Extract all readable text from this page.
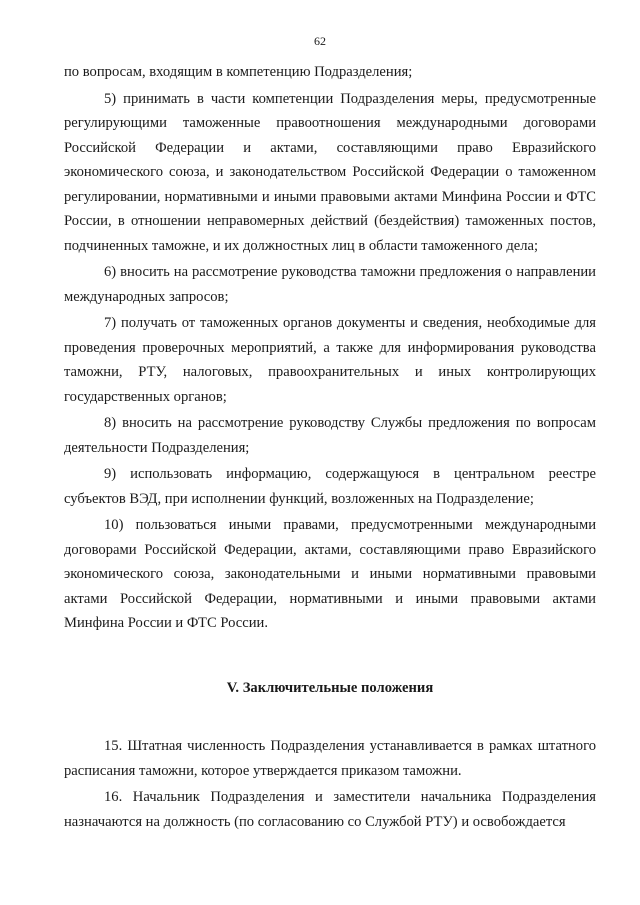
62

по вопросам, входящим в компетенцию Подразделения;

5) принимать в части компетенции Подразделения меры, предусмотренные регулирующими таможенные правоотношения международными договорами Российской Федерации и актами, составляющими право Евразийского экономического союза, и законодательством Российской Федерации о таможенном регулировании, нормативными и иными правовыми актами Минфина России и ФТС России, в отношении неправомерных действий (бездействия) таможенных постов, подчиненных таможне, и их должностных лиц в области таможенного дела;

6) вносить на рассмотрение руководства таможни предложения о направлении международных запросов;

7) получать от таможенных органов документы и сведения, необходимые для проведения проверочных мероприятий, а также для информирования руководства таможни, РТУ, налоговых, правоохранительных и иных контролирующих государственных органов;

8) вносить на рассмотрение руководству Службы предложения по вопросам деятельности Подразделения;

9) использовать информацию, содержащуюся в центральном реестре субъектов ВЭД, при исполнении функций, возложенных на Подразделение;

10) пользоваться иными правами, предусмотренными международными договорами Российской Федерации, актами, составляющими право Евразийского экономического союза, законодательными и иными нормативными правовыми актами Российской Федерации, нормативными и иными правовыми актами Минфина России и ФТС России.

V. Заключительные положения

15. Штатная численность Подразделения устанавливается в рамках штатного расписания таможни, которое утверждается приказом таможни.

16. Начальник Подразделения и заместители начальника Подразделения назначаются на должность (по согласованию со Службой РТУ) и освобождается
